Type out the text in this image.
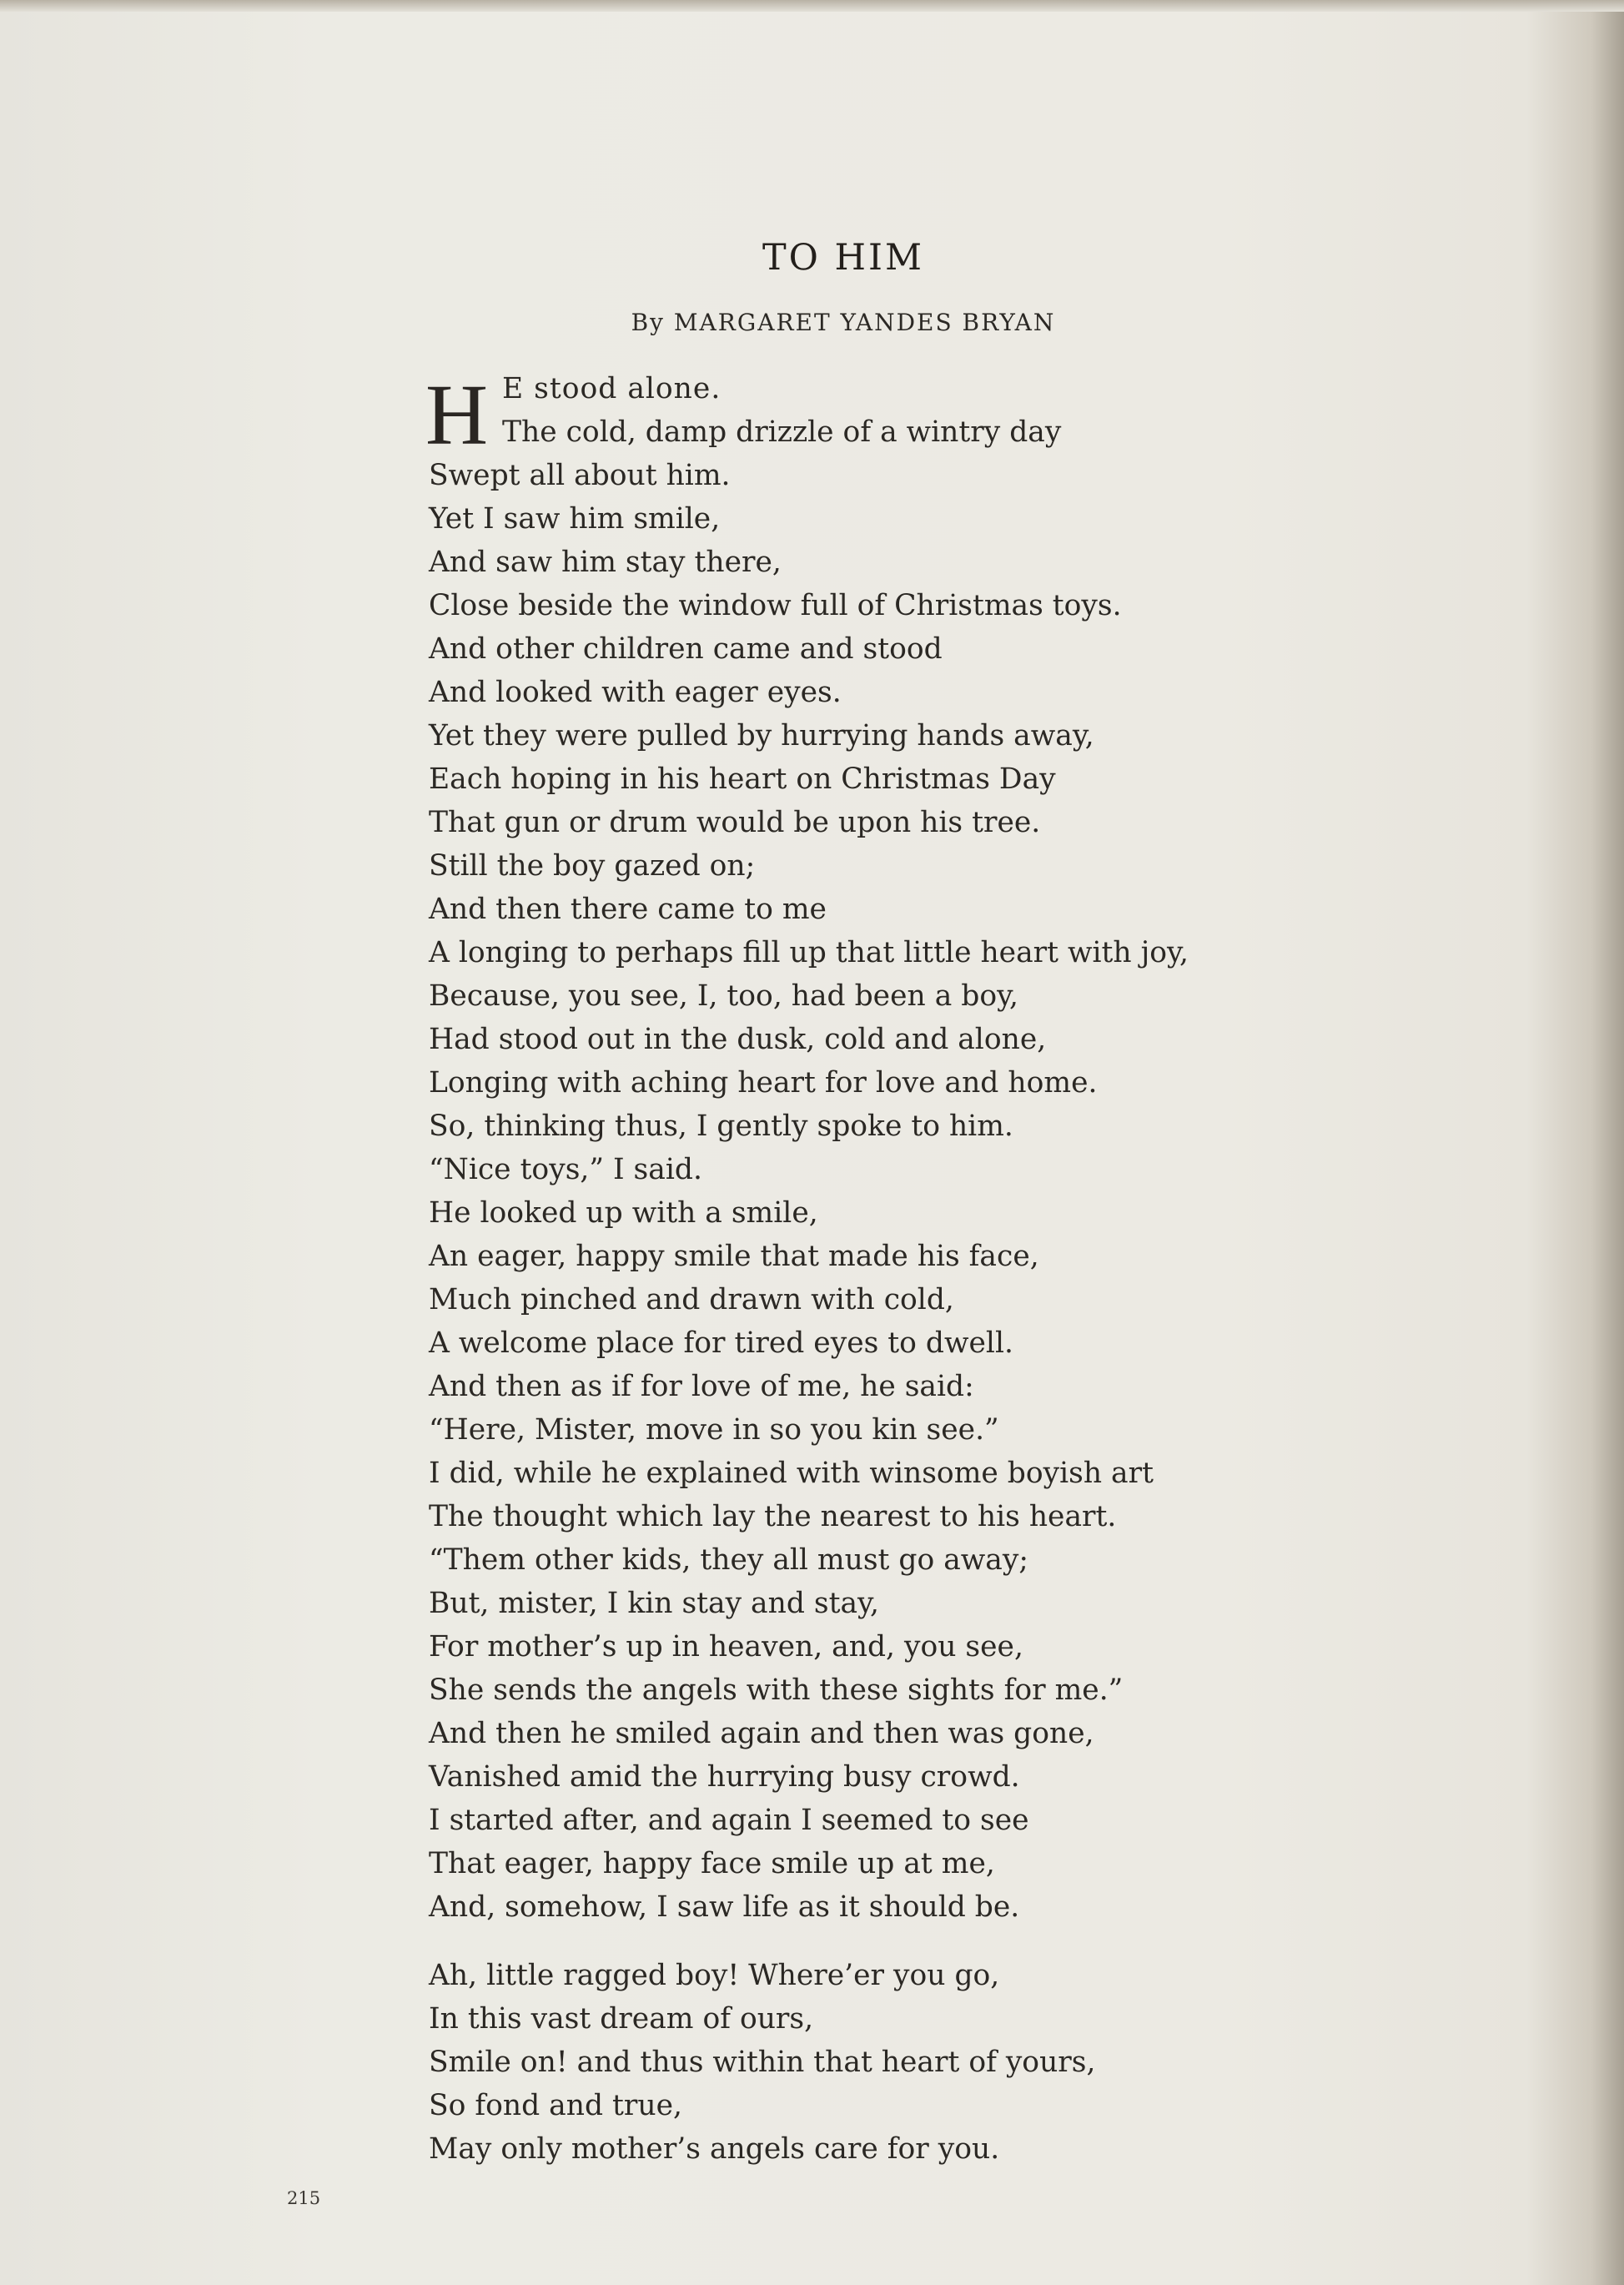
TO HIM
By MARGARET YANDES BRYAN
H E stood alone.
The cold, damp drizzle of a wintry day
Swept all about him.
Yet I saw him smile,
And saw him stay there,
Close beside the window full of Christmas toys.
And other children came and stood
And looked with eager eyes.
Yet they were pulled by hurrying hands away,
Each hoping in his heart on Christmas Day
That gun or drum would be upon his tree.
Still the boy gazed on;
And then there came to me
A longing to perhaps fill up that little heart with joy,
Because, you see, I, too, had been a boy,
Had stood out in the dusk, cold and alone,
Longing with aching heart for love and home.
So, thinking thus, I gently spoke to him.
“Nice toys,” I said.
He looked up with a smile,
An eager, happy smile that made his face,
Much pinched and drawn with cold,
A welcome place for tired eyes to dwell.
And then as if for love of me, he said:
“Here, Mister, move in so you kin see.”
I did, while he explained with winsome boyish art
The thought which lay the nearest to his heart.
“Them other kids, they all must go away;
But, mister, I kin stay and stay,
For mother’s up in heaven, and, you see,
She sends the angels with these sights for me.”
And then he smiled again and then was gone,
Vanished amid the hurrying busy crowd.
I started after, and again I seemed to see
That eager, happy face smile up at me,
And, somehow, I saw life as it should be.
Ah, little ragged boy! Where’er you go,
In this vast dream of ours,
Smile on! and thus within that heart of yours,
So fond and true,
May only mother’s angels care for you.
215
